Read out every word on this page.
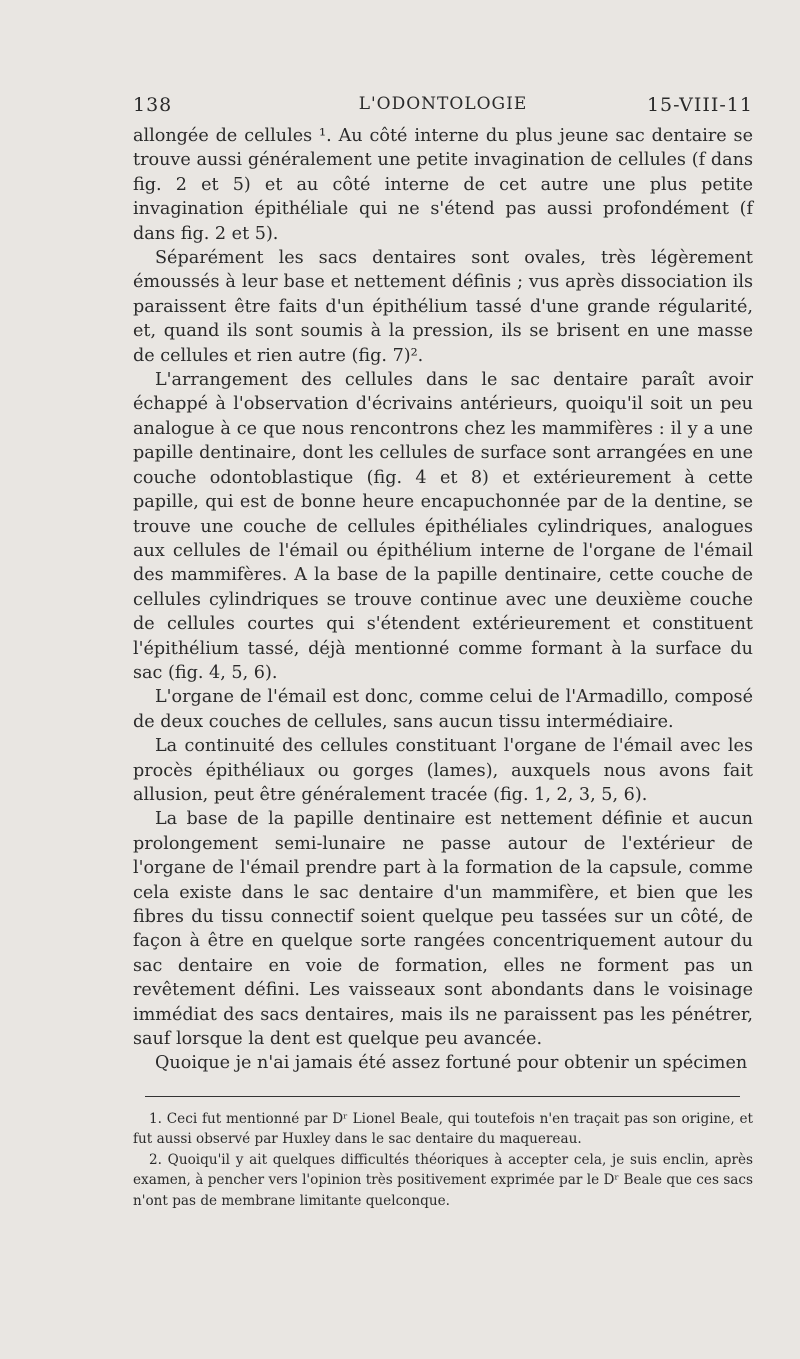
138	L'ODONTOLOGIE	15-VIII-11

allongée de cellules ¹. Au côté interne du plus jeune sac dentaire se trouve aussi généralement une petite invagination de cellules (f dans fig. 2 et 5) et au côté interne de cet autre une plus petite invagination épithéliale qui ne s'étend pas aussi profondément (f dans fig. 2 et 5).

Séparément les sacs dentaires sont ovales, très légèrement émoussés à leur base et nettement définis ; vus après dissociation ils paraissent être faits d'un épithélium tassé d'une grande régularité, et, quand ils sont soumis à la pression, ils se brisent en une masse de cellules et rien autre (fig. 7)².

L'arrangement des cellules dans le sac dentaire paraît avoir échappé à l'observation d'écrivains antérieurs, quoiqu'il soit un peu analogue à ce que nous rencontrons chez les mammifères : il y a une papille dentinaire, dont les cellules de surface sont arrangées en une couche odontoblastique (fig. 4 et 8) et extérieurement à cette papille, qui est de bonne heure encapuchonnée par de la dentine, se trouve une couche de cellules épithéliales cylindriques, analogues aux cellules de l'émail ou épithélium interne de l'organe de l'émail des mammifères. A la base de la papille dentinaire, cette couche de cellules cylindriques se trouve continue avec une deuxième couche de cellules courtes qui s'étendent extérieurement et constituent l'épithélium tassé, déjà mentionné comme formant à la surface du sac (fig. 4, 5, 6).

L'organe de l'émail est donc, comme celui de l'Armadillo, composé de deux couches de cellules, sans aucun tissu intermédiaire.

La continuité des cellules constituant l'organe de l'émail avec les procès épithéliaux ou gorges (lames), auxquels nous avons fait allusion, peut être généralement tracée (fig. 1, 2, 3, 5, 6).

La base de la papille dentinaire est nettement définie et aucun prolongement semi-lunaire ne passe autour de l'extérieur de l'organe de l'émail prendre part à la formation de la capsule, comme cela existe dans le sac dentaire d'un mammifère, et bien que les fibres du tissu connectif soient quelque peu tassées sur un côté, de façon à être en quelque sorte rangées concentriquement autour du sac dentaire en voie de formation, elles ne forment pas un revêtement défini. Les vaisseaux sont abondants dans le voisinage immédiat des sacs dentaires, mais ils ne paraissent pas les pénétrer, sauf lorsque la dent est quelque peu avancée.

Quoique je n'ai jamais été assez fortuné pour obtenir un spécimen

1. Ceci fut mentionné par Dʳ Lionel Beale, qui toutefois n'en traçait pas son origine, et fut aussi observé par Huxley dans le sac dentaire du maquereau.

2. Quoiqu'il y ait quelques difficultés théoriques à accepter cela, je suis enclin, après examen, à pencher vers l'opinion très positivement exprimée par le Dʳ Beale que ces sacs n'ont pas de membrane limitante quelconque.
